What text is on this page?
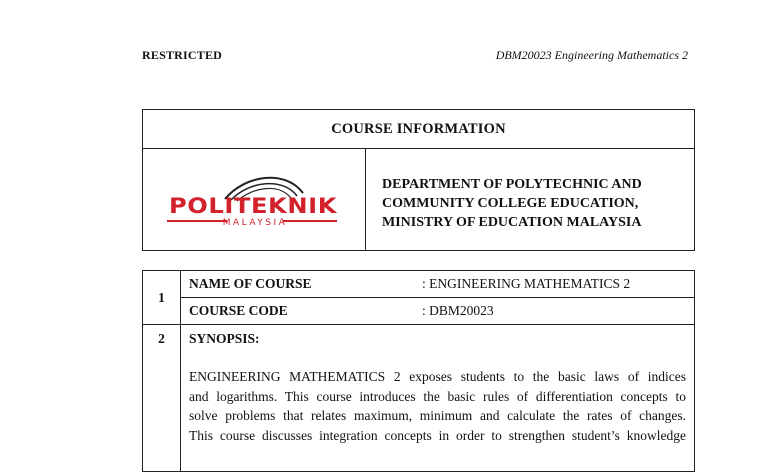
RESTRICTED	DBM20023 Engineering Mathematics 2
COURSE INFORMATION
POLITEKNIK
MALAYSIA
DEPARTMENT OF POLYTECHNIC AND
COMMUNITY COLLEGE EDUCATION,
MINISTRY OF EDUCATION MALAYSIA
1	NAME OF COURSE : ENGINEERING MATHEMATICS 2

	COURSE CODE : DBM20023

2	SYNOPSIS:
ENGINEERING MATHEMATICS 2 exposes students to the basic laws of indices
and logarithms. This course introduces the basic rules of differentiation concepts to
solve problems that relates maximum, minimum and calculate the rates of changes.
This course discusses integration concepts in order to strengthen student’s knowledge
